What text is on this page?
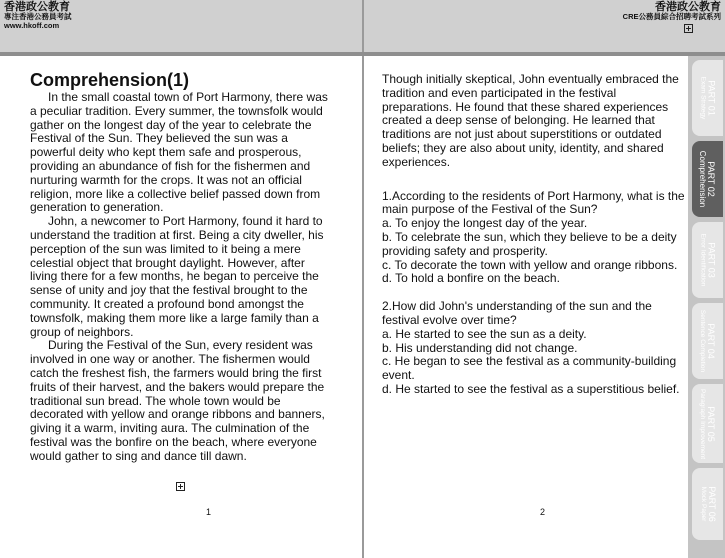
香港政公教育
專注香港公務員考試
www.hkoff.com
香港政公教育
CRE公務員綜合招聘考試系列
Comprehension(1)

In the small coastal town of Port Harmony, there was a peculiar tradition. Every summer, the townsfolk would gather on the longest day of the year to celebrate the Festival of the Sun. They believed the sun was a powerful deity who kept them safe and prosperous, providing an abundance of fish for the fishermen and nurturing warmth for the crops. It was not an official religion, more like a collective belief passed down from generation to generation.

John, a newcomer to Port Harmony, found it hard to understand the tradition at first. Being a city dweller, his perception of the sun was limited to it being a mere celestial object that brought daylight. However, after living there for a few months, he began to perceive the sense of unity and joy that the festival brought to the community. It created a profound bond amongst the townsfolk, making them more like a large family than a group of neighbors.

During the Festival of the Sun, every resident was involved in one way or another. The fishermen would catch the freshest fish, the farmers would bring the first fruits of their harvest, and the bakers would prepare the traditional sun bread. The whole town would be decorated with yellow and orange ribbons and banners, giving it a warm, inviting aura. The culmination of the festival was the bonfire on the beach, where everyone would gather to sing and dance till dawn.

1

Though initially skeptical, John eventually embraced the tradition and even participated in the festival preparations. He found that these shared experiences created a deep sense of belonging. He learned that traditions are not just about superstitions or outdated beliefs; they are also about unity, identity, and shared experiences.

1.According to the residents of Port Harmony, what is the main purpose of the Festival of the Sun?

a. To enjoy the longest day of the year.

b. To celebrate the sun, which they believe to be a deity providing safety and prosperity.

c. To decorate the town with yellow and orange ribbons.

d. To hold a bonfire on the beach.

2.How did John's understanding of the sun and the festival evolve over time?

a. He started to see the sun as a deity.

b. His understanding did not change.

c. He began to see the festival as a community-building event.

d. He started to see the festival as a superstitious belief.

2
PART 01
Exam Strategy
PART 02
Comprehension
PART 03
Error Identification
PART 04
Sentence Completion
PART 05
Paragraph Improvement
PART 06
Mock Paper
